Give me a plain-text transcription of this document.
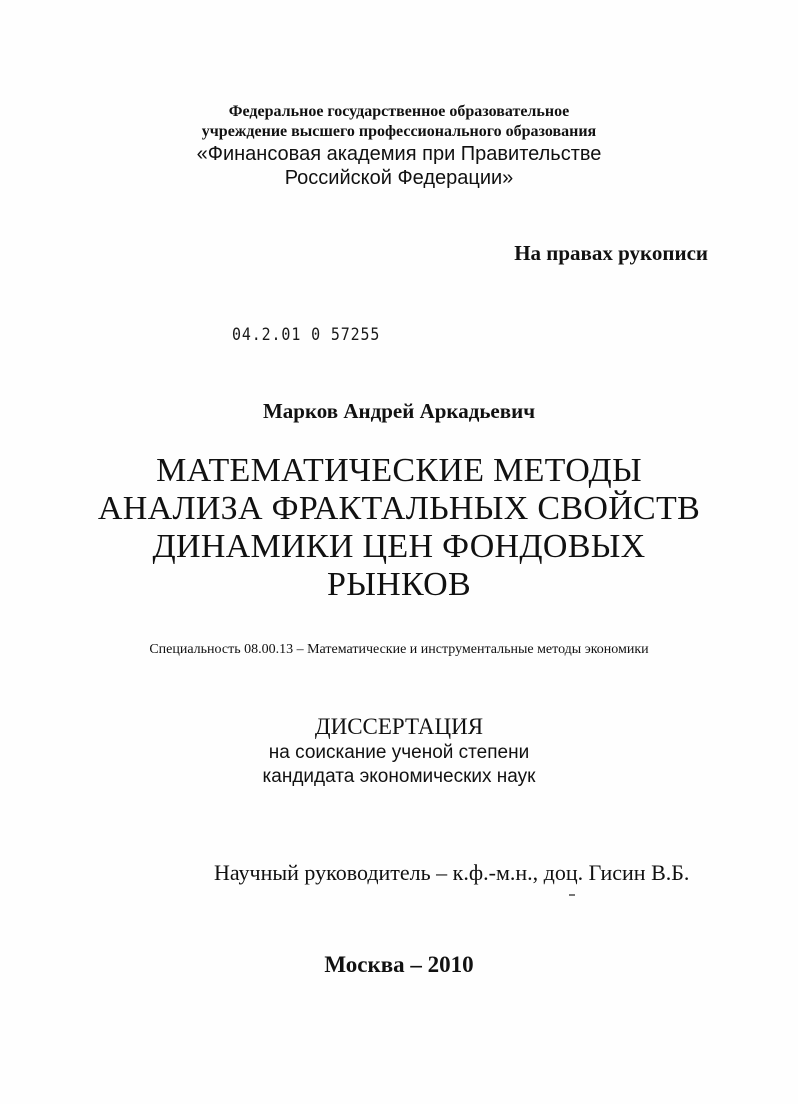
Федеральное государственное образовательное
учреждение высшего профессионального образования
«Финансовая академия при Правительстве
Российской Федерации»
На правах рукописи
04.2.01 0 57255
Марков Андрей Аркадьевич
МАТЕМАТИЧЕСКИЕ МЕТОДЫ
АНАЛИЗА ФРАКТАЛЬНЫХ СВОЙСТВ
ДИНАМИКИ ЦЕН ФОНДОВЫХ
РЫНКОВ
Специальность 08.00.13 – Математические и инструментальные методы экономики
ДИССЕРТАЦИЯ
на соискание ученой степени
кандидата экономических наук
Научный руководитель – к.ф.-м.н., доц. Гисин В.Б.
Москва – 2010
